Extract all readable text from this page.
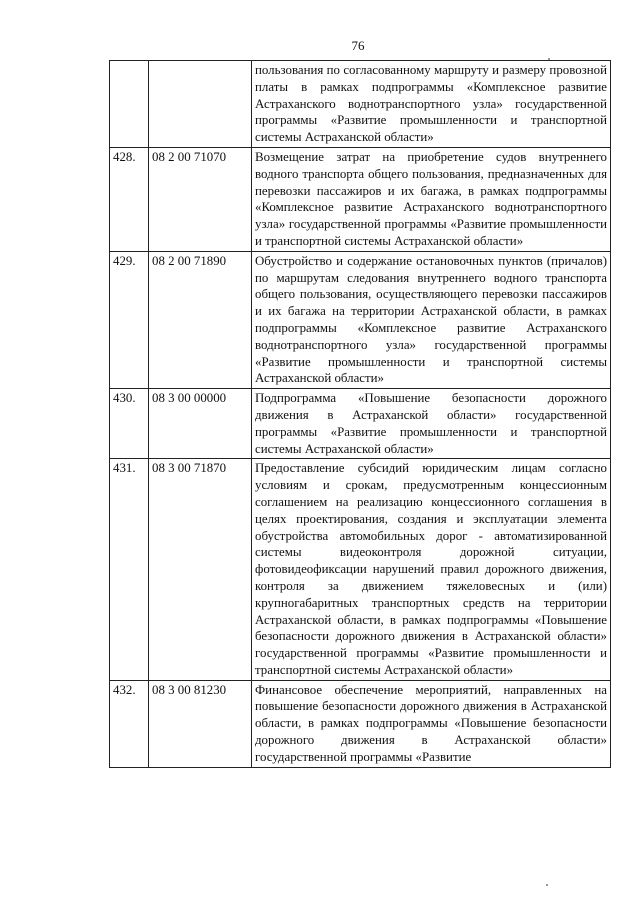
76
		пользования по согласованному маршруту и размеру провозной платы в рамках подпрограммы «Комплексное развитие Астраханского воднотранспортного узла» государственной программы «Развитие промышленности и транспортной системы Астраханской области»
428.	08 2 00 71070	Возмещение затрат на приобретение судов внутреннего водного транспорта общего пользования, предназначенных для перевозки пассажиров и их багажа, в рамках подпрограммы «Комплексное развитие Астраханского воднотранспортного узла» государственной программы «Развитие промышленности и транспортной системы Астраханской области»
429.	08 2 00 71890	Обустройство и содержание остановочных пунктов (причалов) по маршрутам следования внутреннего водного транспорта общего пользования, осуществляющего перевозки пассажиров и их багажа на территории Астраханской области, в рамках подпрограммы «Комплексное развитие Астраханского воднотранспортного узла» государственной программы «Развитие промышленности и транспортной системы Астраханской области»
430.	08 3 00 00000	Подпрограмма «Повышение безопасности дорожного движения в Астраханской области» государственной программы «Развитие промышленности и транспортной системы Астраханской области»
431.	08 3 00 71870	Предоставление субсидий юридическим лицам согласно условиям и срокам, предусмотренным концессионным соглашением на реализацию концессионного соглашения в целях проектирования, создания и эксплуатации элемента обустройства автомобильных дорог - автоматизированной системы видеоконтроля дорожной ситуации, фотовидеофиксации нарушений правил дорожного движения, контроля за движением тяжеловесных и (или) крупногабаритных транспортных средств на территории Астраханской области, в рамках подпрограммы «Повышение безопасности дорожного движения в Астраханской области» государственной программы «Развитие промышленности и транспортной системы Астраханской области»
432.	08 3 00 81230	Финансовое обеспечение мероприятий, направленных на повышение безопасности дорожного движения в Астраханской области, в рамках подпрограммы «Повышение безопасности дорожного движения в Астраханской области» государственной программы «Развитие
